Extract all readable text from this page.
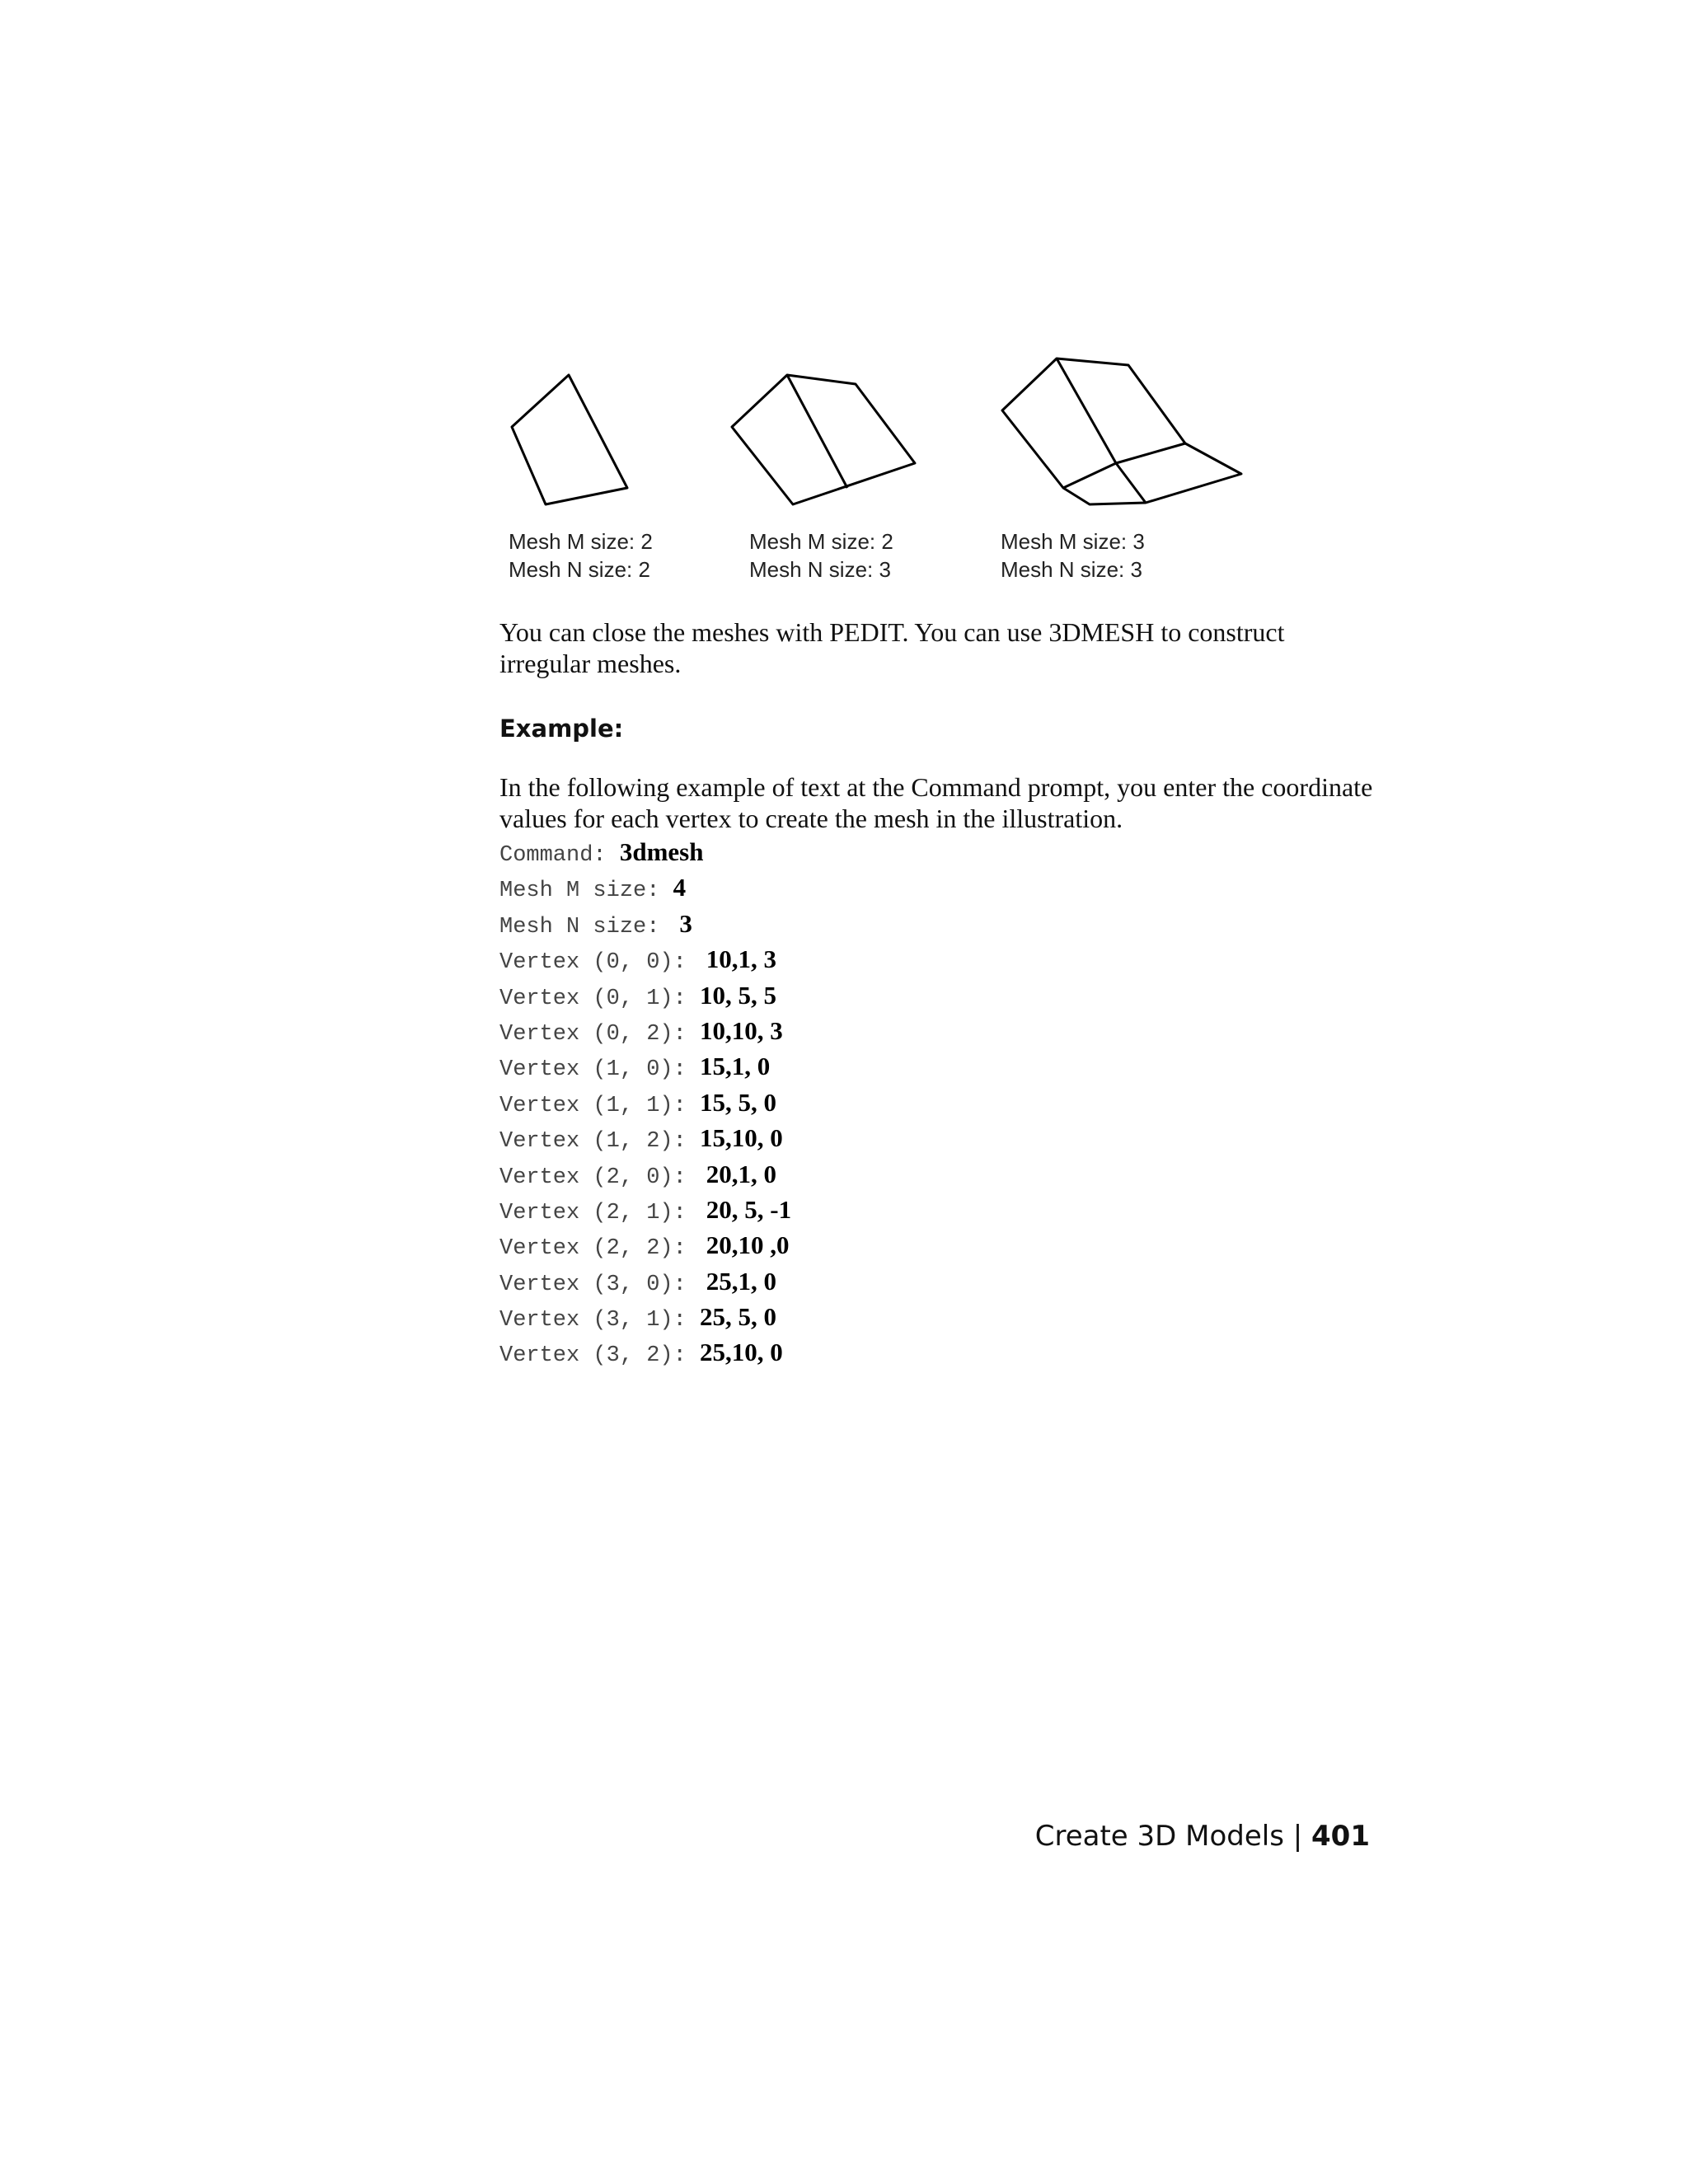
Mesh M size: 2
Mesh N size: 2
Mesh M size: 2
Mesh N size: 3
Mesh M size: 3
Mesh N size: 3

You can close the meshes with PEDIT. You can use 3DMESH to construct irregular meshes.

Example:

In the following example of text at the Command prompt, you enter the coordinate values for each vertex to create the mesh in the illustration.

Command: 3dmesh
Mesh M size: 4
Mesh N size:  3
Vertex (0, 0):  10,1, 3
Vertex (0, 1): 10, 5, 5
Vertex (0, 2): 10,10, 3
Vertex (1, 0): 15,1, 0
Vertex (1, 1): 15, 5, 0
Vertex (1, 2): 15,10, 0
Vertex (2, 0):  20,1, 0
Vertex (2, 1):  20, 5, -1
Vertex (2, 2):  20,10 ,0
Vertex (3, 0):  25,1, 0
Vertex (3, 1): 25, 5, 0
Vertex (3, 2): 25,10, 0
Create 3D Models | 401
